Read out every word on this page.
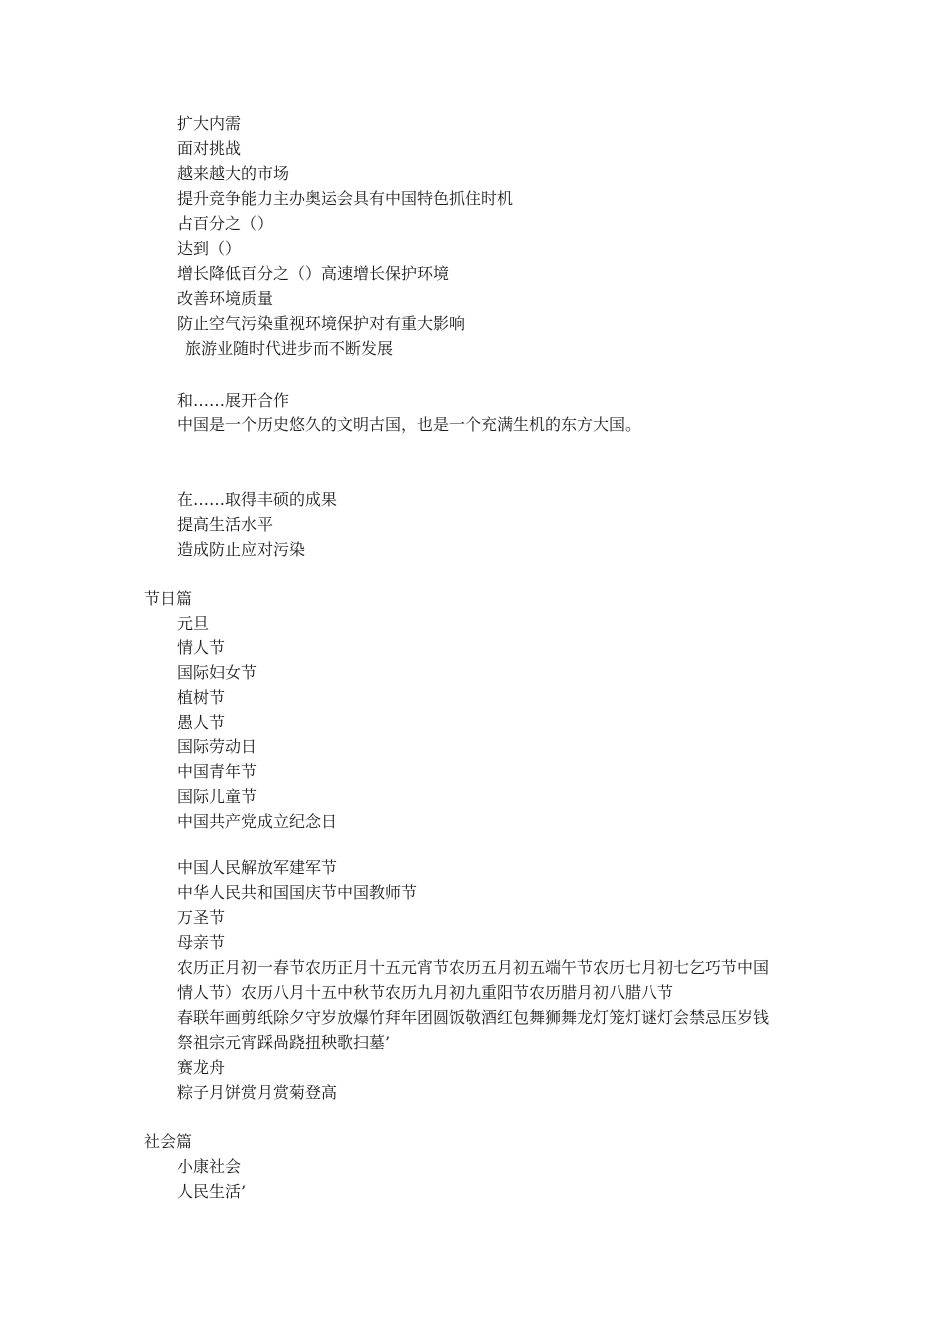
扩大内需
面对挑战
越来越大的市场
提升竞争能力主办奥运会具有中国特色抓住时机
占百分之（）
达到（）
增长降低百分之（）高速增长保护环境
改善环境质量
防止空气污染重视环境保护对有重大影响
旅游业随时代进步而不断发展
和……展开合作
中国是一个历史悠久的文明古国，也是一个充满生机的东方大国。
在……取得丰硕的成果
提高生活水平
造成防止应对污染
节日篇
元旦
情人节
国际妇女节
植树节
愚人节
国际劳动日
中国青年节
国际儿童节
中国共产党成立纪念日
中国人民解放军建军节
中华人民共和国国庆节中国教师节
万圣节
母亲节
农历正月初一春节农历正月十五元宵节农历五月初五端午节农历七月初七乞巧节中国
情人节）农历八月十五中秋节农历九月初九重阳节农历腊月初八腊八节
春联年画剪纸除夕守岁放爆竹拜年团圆饭敬酒红包舞狮舞龙灯笼灯谜灯会禁忌压岁钱
祭祖宗元宵踩咼跷扭秧歌扫墓’
赛龙舟
粽子月饼赏月赏菊登高
社会篇
小康社会
人民生活’
